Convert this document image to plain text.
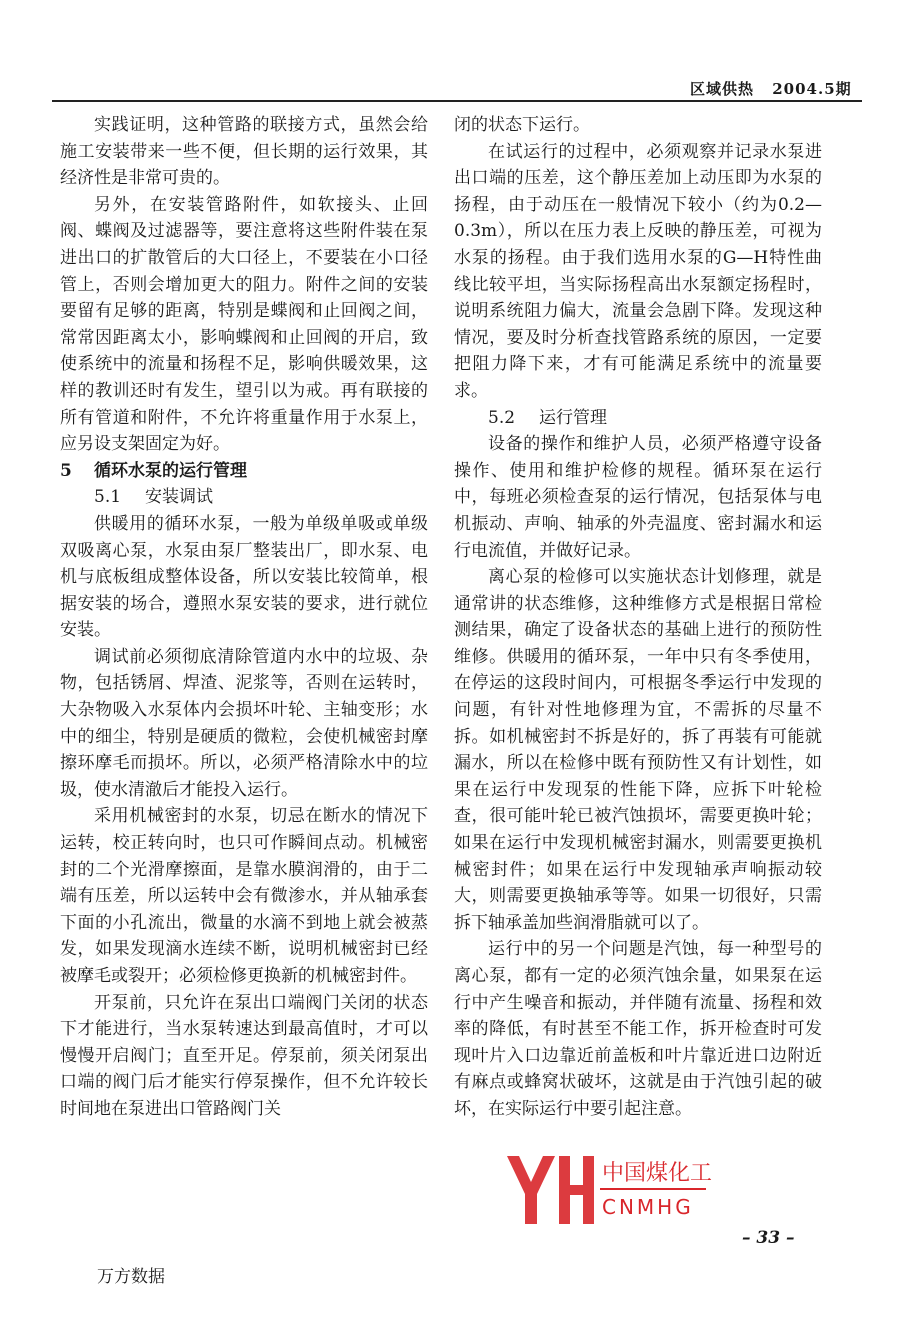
区域供热 2004.5期

实践证明，这种管路的联接方式，虽然会给施工安装带来一些不便，但长期的运行效果，其经济性是非常可贵的。

另外，在安装管路附件，如软接头、止回阀、蝶阀及过滤器等，要注意将这些附件装在泵进出口的扩散管后的大口径上，不要装在小口径管上，否则会增加更大的阻力。附件之间的安装要留有足够的距离，特别是蝶阀和止回阀之间，常常因距离太小，影响蝶阀和止回阀的开启，致使系统中的流量和扬程不足，影响供暖效果，这样的教训还时有发生，望引以为戒。再有联接的所有管道和附件，不允许将重量作用于水泵上，应另设支架固定为好。

5 循环水泵的运行管理
5.1 安装调试

供暖用的循环水泵，一般为单级单吸或单级双吸离心泵，水泵由泵厂整装出厂，即水泵、电机与底板组成整体设备，所以安装比较简单，根据安装的场合，遵照水泵安装的要求，进行就位安装。

调试前必须彻底清除管道内水中的垃圾、杂物，包括锈屑、焊渣、泥浆等，否则在运转时，大杂物吸入水泵体内会损坏叶轮、主轴变形；水中的细尘，特别是硬质的微粒，会使机械密封摩擦环摩毛而损坏。所以，必须严格清除水中的垃圾，使水清澈后才能投入运行。

采用机械密封的水泵，切忌在断水的情况下运转，校正转向时，也只可作瞬间点动。机械密封的二个光滑摩擦面，是靠水膜润滑的，由于二端有压差，所以运转中会有微渗水，并从轴承套下面的小孔流出，微量的水滴不到地上就会被蒸发，如果发现滴水连续不断，说明机械密封已经被摩毛或裂开；必须检修更换新的机械密封件。

开泵前，只允许在泵出口端阀门关闭的状态下才能进行，当水泵转速达到最高值时，才可以慢慢开启阀门；直至开足。停泵前，须关闭泵出口端的阀门后才能实行停泵操作，但不允许较长时间地在泵进出口管路阀门关

闭的状态下运行。

在试运行的过程中，必须观察并记录水泵进出口端的压差，这个静压差加上动压即为水泵的扬程，由于动压在一般情况下较小（约为0.2—0.3m），所以在压力表上反映的静压差，可视为水泵的扬程。由于我们选用水泵的G—H特性曲线比较平坦，当实际扬程高出水泵额定扬程时，说明系统阻力偏大，流量会急剧下降。发现这种情况，要及时分析查找管路系统的原因，一定要把阻力降下来，才有可能满足系统中的流量要求。

5.2 运行管理

设备的操作和维护人员，必须严格遵守设备操作、使用和维护检修的规程。循环泵在运行中，每班必须检查泵的运行情况，包括泵体与电机振动、声响、轴承的外壳温度、密封漏水和运行电流值，并做好记录。

离心泵的检修可以实施状态计划修理，就是通常讲的状态维修，这种维修方式是根据日常检测结果，确定了设备状态的基础上进行的预防性维修。供暖用的循环泵，一年中只有冬季使用，在停运的这段时间内，可根据冬季运行中发现的问题，有针对性地修理为宜，不需拆的尽量不拆。如机械密封不拆是好的，拆了再装有可能就漏水，所以在检修中既有预防性又有计划性，如果在运行中发现泵的性能下降，应拆下叶轮检查，很可能叶轮已被汽蚀损坏，需要更换叶轮；如果在运行中发现机械密封漏水，则需要更换机械密封件；如果在运行中发现轴承声响振动较大，则需要更换轴承等等。如果一切很好，只需拆下轴承盖加些润滑脂就可以了。

运行中的另一个问题是汽蚀，每一种型号的离心泵，都有一定的必须汽蚀余量，如果泵在运行中产生噪音和振动，并伴随有流量、扬程和效率的降低，有时甚至不能工作，拆开检查时可发现叶片入口边靠近前盖板和叶片靠近进口边附近有麻点或蜂窝状破坏，这就是由于汽蚀引起的破坏，在实际运行中要引起注意。

中国煤化工
CNMHG
– 33 –
万方数据
